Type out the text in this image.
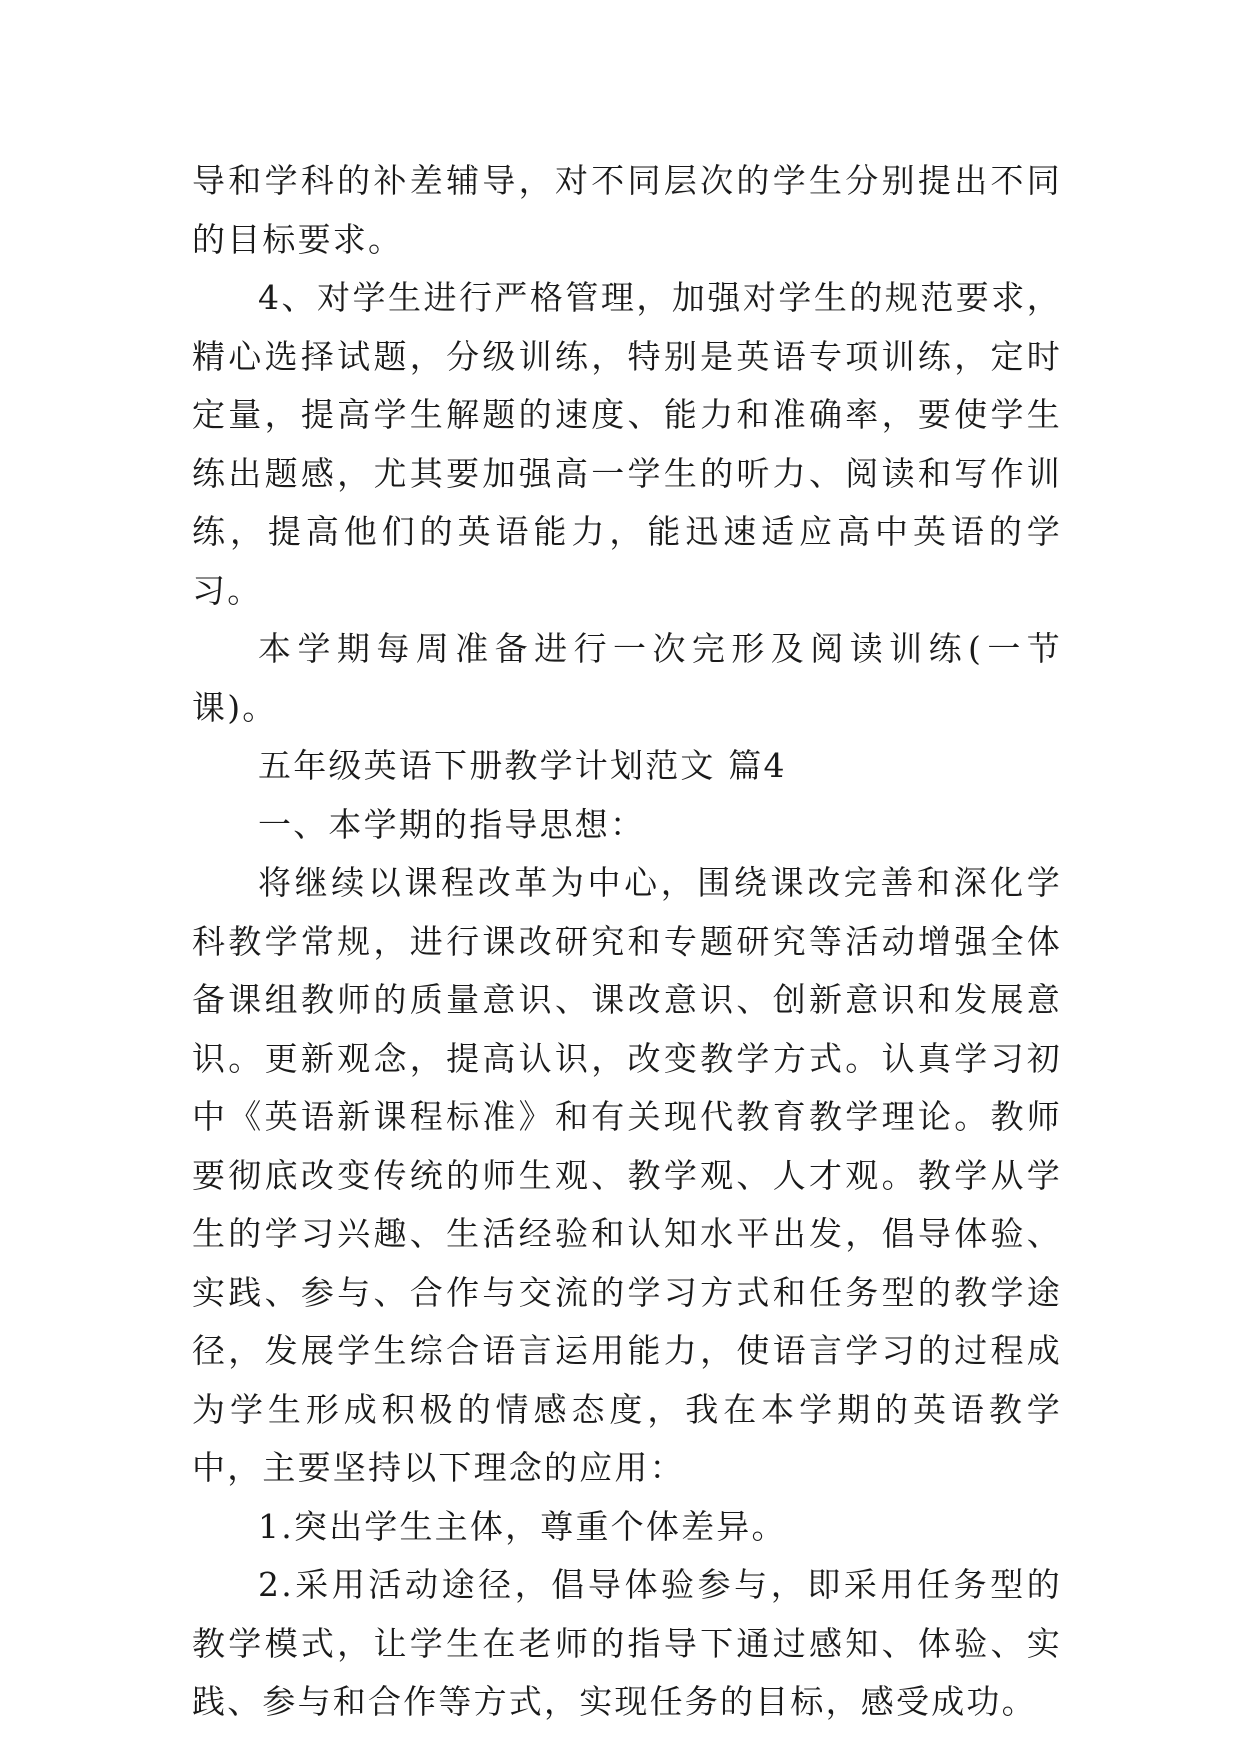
导和学科的补差辅导，对不同层次的学生分别提出不同的目标要求。

4、对学生进行严格管理，加强对学生的规范要求，精心选择试题，分级训练，特别是英语专项训练，定时定量，提高学生解题的速度、能力和准确率，要使学生练出题感，尤其要加强高一学生的听力、阅读和写作训练，提高他们的英语能力，能迅速适应高中英语的学习。

本学期每周准备进行一次完形及阅读训练(一节课)。

五年级英语下册教学计划范文 篇4

一、本学期的指导思想：

将继续以课程改革为中心，围绕课改完善和深化学科教学常规，进行课改研究和专题研究等活动增强全体备课组教师的质量意识、课改意识、创新意识和发展意识。更新观念，提高认识，改变教学方式。认真学习初中《英语新课程标准》和有关现代教育教学理论。教师要彻底改变传统的师生观、教学观、人才观。教学从学生的学习兴趣、生活经验和认知水平出发，倡导体验、实践、参与、合作与交流的学习方式和任务型的教学途径，发展学生综合语言运用能力，使语言学习的过程成为学生形成积极的情感态度，我在本学期的英语教学中，主要坚持以下理念的应用：

1.突出学生主体，尊重个体差异。

2.采用活动途径，倡导体验参与，即采用任务型的教学模式，让学生在老师的指导下通过感知、体验、实践、参与和合作等方式，实现任务的目标，感受成功。
